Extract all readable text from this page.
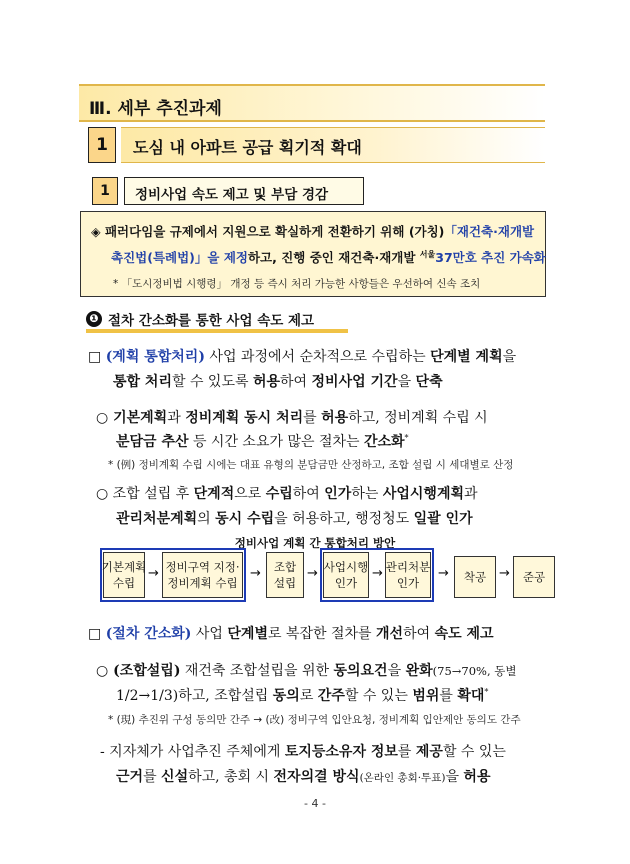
Ⅲ. 세부 추진과제
1	도심 내 아파트 공급 획기적 확대
1	정비사업 속도 제고 및 부담 경감
◈ 패러다임을 규제에서 지원으로 확실하게 전환하기 위해 (가칭)「재건축·재개발
촉진법(특례법)」을 제정하고, 진행 중인 재건축·재개발 $^{서울}$37만호 추진 가속화
* 「도시정비법 시행령」 개정 등 즉시 처리 가능한 사항들은 우선하여 신속 조치
❶ 절차 간소화를 통한 사업 속도 제고
□ (계획 통합처리) 사업 과정에서 순차적으로 수립하는 단계별 계획을
통합 처리할 수 있도록 허용하여 정비사업 기간을 단축
○ 기본계획과 정비계획 동시 처리를 허용하고, 정비계획 수립 시
분담금 추산 등 시간 소요가 많은 절차는 간소화*
* (例) 정비계획 수립 시에는 대표 유형의 분담금만 산정하고, 조합 설립 시 세대별로 산정
○ 조합 설립 후 단계적으로 수립하여 인가하는 사업시행계획과
관리처분계획의 동시 수립을 허용하고, 행정청도 일괄 인가
정비사업 계획 간 통합처리 방안
기본계획
수립
→ 정비구역 지정·
정비계획 수립
→	조합
설립
→ 사업시행
인가
→ 관리처분
인가
→	착공 →	준공
□ (절차 간소화) 사업 단계별로 복잡한 절차를 개선하여 속도 제고
○ (조합설립) 재건축 조합설립을 위한 동의요건을 완화(75→70%, 동별
1/2→1/3)하고, 조합설립 동의로 간주할 수 있는 범위를 확대*
* (現) 추진위 구성 동의만 간주 → (改) 정비구역 입안요청, 정비계획 입안제안 동의도 간주
- 지자체가 사업추진 주체에게 토지등소유자 정보를 제공할 수 있는
근거를 신설하고, 총회 시 전자의결 방식(온라인 총회·투표)을 허용
- 4 -
